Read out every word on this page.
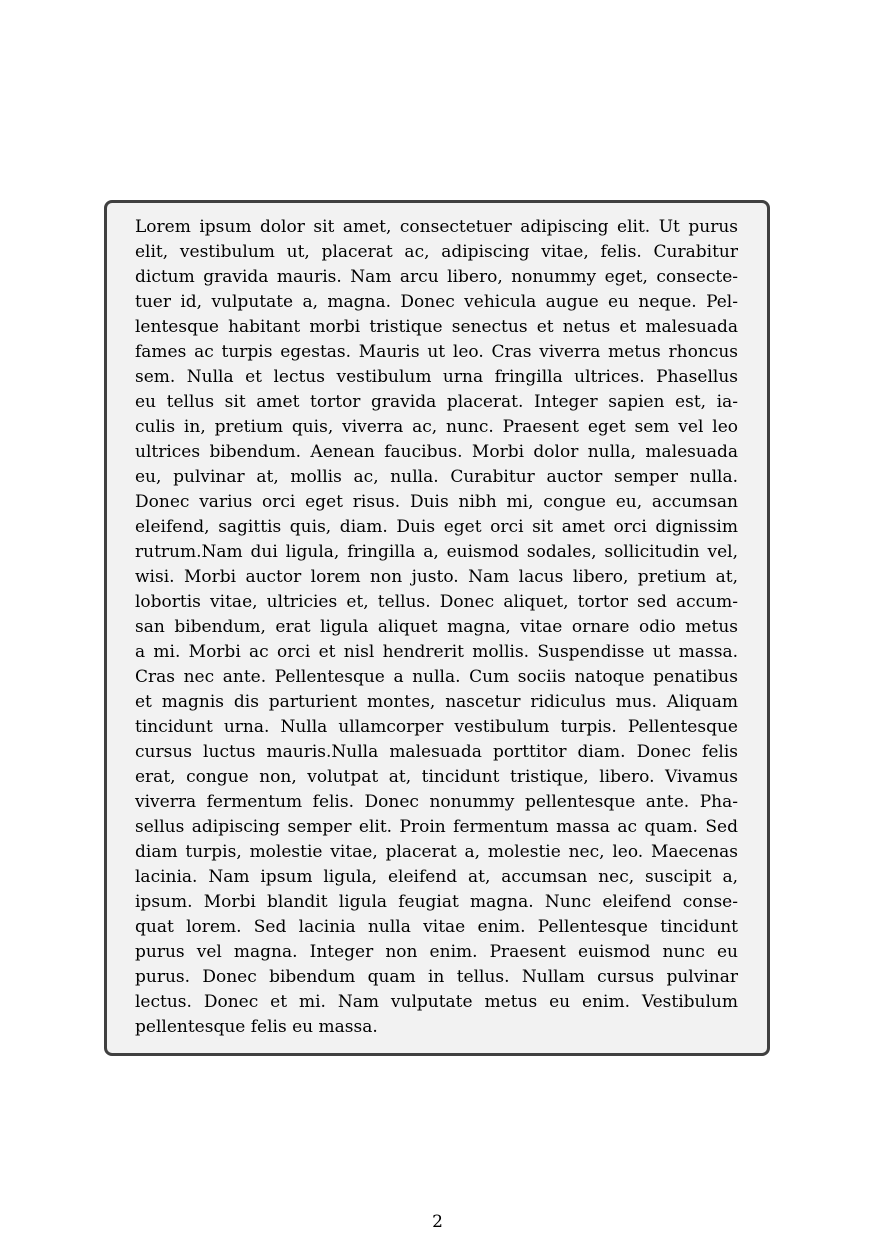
Lorem ipsum dolor sit amet, consectetuer adipiscing elit. Ut purus
elit, vestibulum ut, placerat ac, adipiscing vitae, felis. Curabitur
dictum gravida mauris. Nam arcu libero, nonummy eget, consecte-
tuer id, vulputate a, magna. Donec vehicula augue eu neque. Pel-
lentesque habitant morbi tristique senectus et netus et malesuada
fames ac turpis egestas. Mauris ut leo. Cras viverra metus rhoncus
sem. Nulla et lectus vestibulum urna fringilla ultrices. Phasellus
eu tellus sit amet tortor gravida placerat. Integer sapien est, ia-
culis in, pretium quis, viverra ac, nunc. Praesent eget sem vel leo
ultrices bibendum. Aenean faucibus. Morbi dolor nulla, malesuada
eu, pulvinar at, mollis ac, nulla. Curabitur auctor semper nulla.
Donec varius orci eget risus. Duis nibh mi, congue eu, accumsan
eleifend, sagittis quis, diam. Duis eget orci sit amet orci dignissim
rutrum.Nam dui ligula, fringilla a, euismod sodales, sollicitudin vel,
wisi. Morbi auctor lorem non justo. Nam lacus libero, pretium at,
lobortis vitae, ultricies et, tellus. Donec aliquet, tortor sed accum-
san bibendum, erat ligula aliquet magna, vitae ornare odio metus
a mi. Morbi ac orci et nisl hendrerit mollis. Suspendisse ut massa.
Cras nec ante. Pellentesque a nulla. Cum sociis natoque penatibus
et magnis dis parturient montes, nascetur ridiculus mus. Aliquam
tincidunt urna. Nulla ullamcorper vestibulum turpis. Pellentesque
cursus luctus mauris.Nulla malesuada porttitor diam. Donec felis
erat, congue non, volutpat at, tincidunt tristique, libero. Vivamus
viverra fermentum felis. Donec nonummy pellentesque ante. Pha-
sellus adipiscing semper elit. Proin fermentum massa ac quam. Sed
diam turpis, molestie vitae, placerat a, molestie nec, leo. Maecenas
lacinia. Nam ipsum ligula, eleifend at, accumsan nec, suscipit a,
ipsum. Morbi blandit ligula feugiat magna. Nunc eleifend conse-
quat lorem. Sed lacinia nulla vitae enim. Pellentesque tincidunt
purus vel magna. Integer non enim. Praesent euismod nunc eu
purus. Donec bibendum quam in tellus. Nullam cursus pulvinar
lectus. Donec et mi. Nam vulputate metus eu enim. Vestibulum
pellentesque felis eu massa.
2
